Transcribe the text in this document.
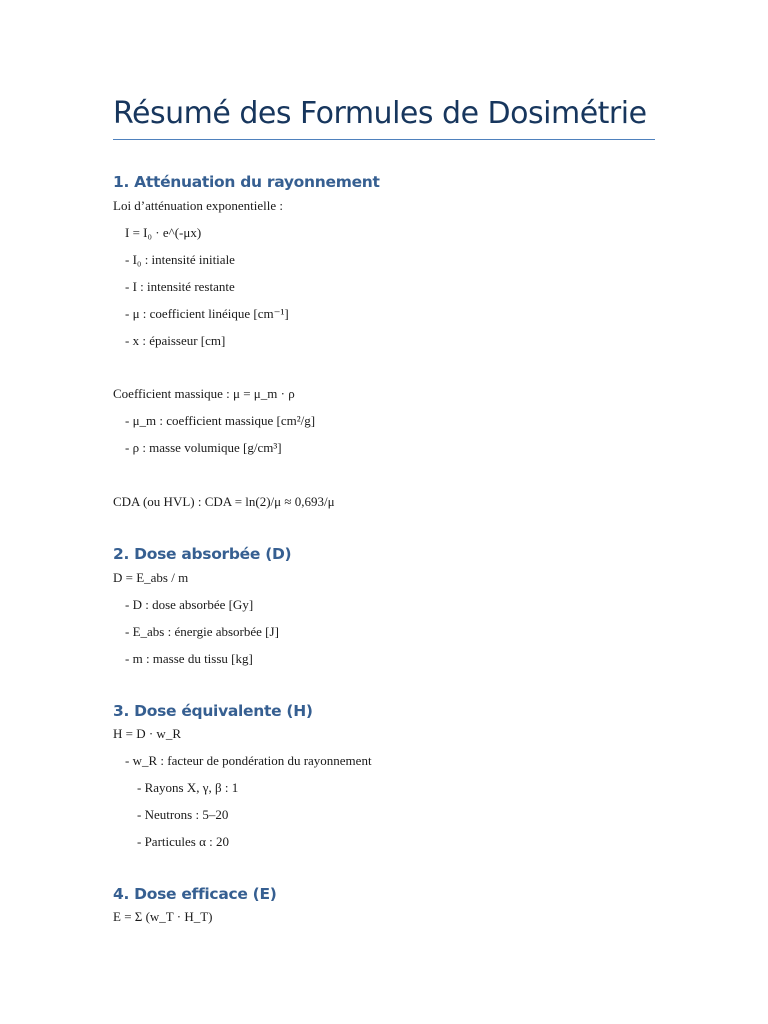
Résumé des Formules de Dosimétrie
1. Atténuation du rayonnement
Loi d’atténuation exponentielle :
I = I₀ · e^(-μx)
- I₀ : intensité initiale
- I : intensité restante
- μ : coefficient linéique [cm⁻¹]
- x : épaisseur [cm]
Coefficient massique : μ = μ_m · ρ
- μ_m : coefficient massique [cm²/g]
- ρ : masse volumique [g/cm³]
CDA (ou HVL) : CDA = ln(2)/μ ≈ 0,693/μ
2. Dose absorbée (D)
D = E_abs / m
- D : dose absorbée [Gy]
- E_abs : énergie absorbée [J]
- m : masse du tissu [kg]
3. Dose équivalente (H)
H = D · w_R
- w_R : facteur de pondération du rayonnement
- Rayons X, γ, β : 1
- Neutrons : 5–20
- Particules α : 20
4. Dose efficace (E)
E = Σ (w_T · H_T)
